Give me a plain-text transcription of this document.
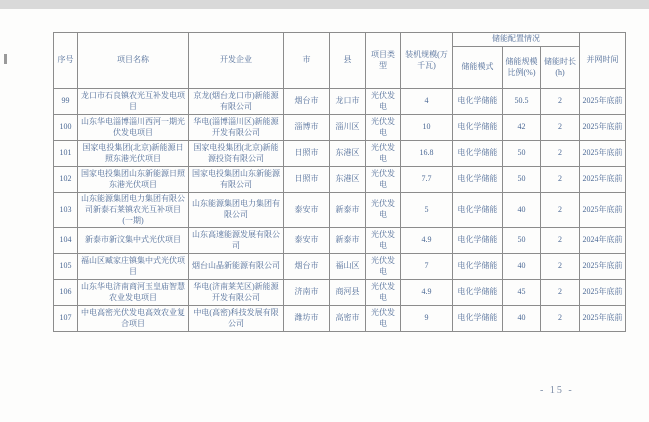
序号	项目名称	开发企业	市	县	项目类型	装机规模(万千瓦)	储能配置情况			并网时间
							储能模式	储能规模比例(%)	储能时长(h)	
99	龙口市石良镇农光互补发电项目	京龙(烟台龙口市)新能源有限公司	烟台市	龙口市	光伏发电	4	电化学储能	50.5	2	2025年底前
100	山东华电淄博淄川西河一期光伏发电项目	华电(淄博淄川区)新能源开发有限公司	淄博市	淄川区	光伏发电	10	电化学储能	42	2	2025年底前
101	国家电投集团(北京)新能源日照东港光伏项目	国家电投集团(北京)新能源投资有限公司	日照市	东港区	光伏发电	16.8	电化学储能	50	2	2025年底前
102	国家电投集团山东新能源日照东港光伏项目	国家电投集团山东新能源有限公司	日照市	东港区	光伏发电	7.7	电化学储能	50	2	2025年底前
103	山东能源集团电力集团有限公司新泰石莱镇农光互补项目(一期)	山东能源集团电力集团有限公司	泰安市	新泰市	光伏发电	5	电化学储能	40	2	2025年底前
104	新泰市新汶集中式光伏项目	山东高速能源发展有限公司	泰安市	新泰市	光伏发电	4.9	电化学储能	50	2	2024年底前
105	福山区臧家庄镇集中式光伏项目	烟台山晶新能源有限公司	烟台市	福山区	光伏发电	7	电化学储能	40	2	2025年底前
106	山东华电济南商河玉皇庙智慧农业发电项目	华电(济南莱芜区)新能源开发有限公司	济南市	商河县	光伏发电	4.9	电化学储能	45	2	2025年底前
107	中电高密光伏发电高效农业复合项目	中电(高密)科技发展有限公司	潍坊市	高密市	光伏发电	9	电化学储能	40	2	2025年底前
- 15 -
